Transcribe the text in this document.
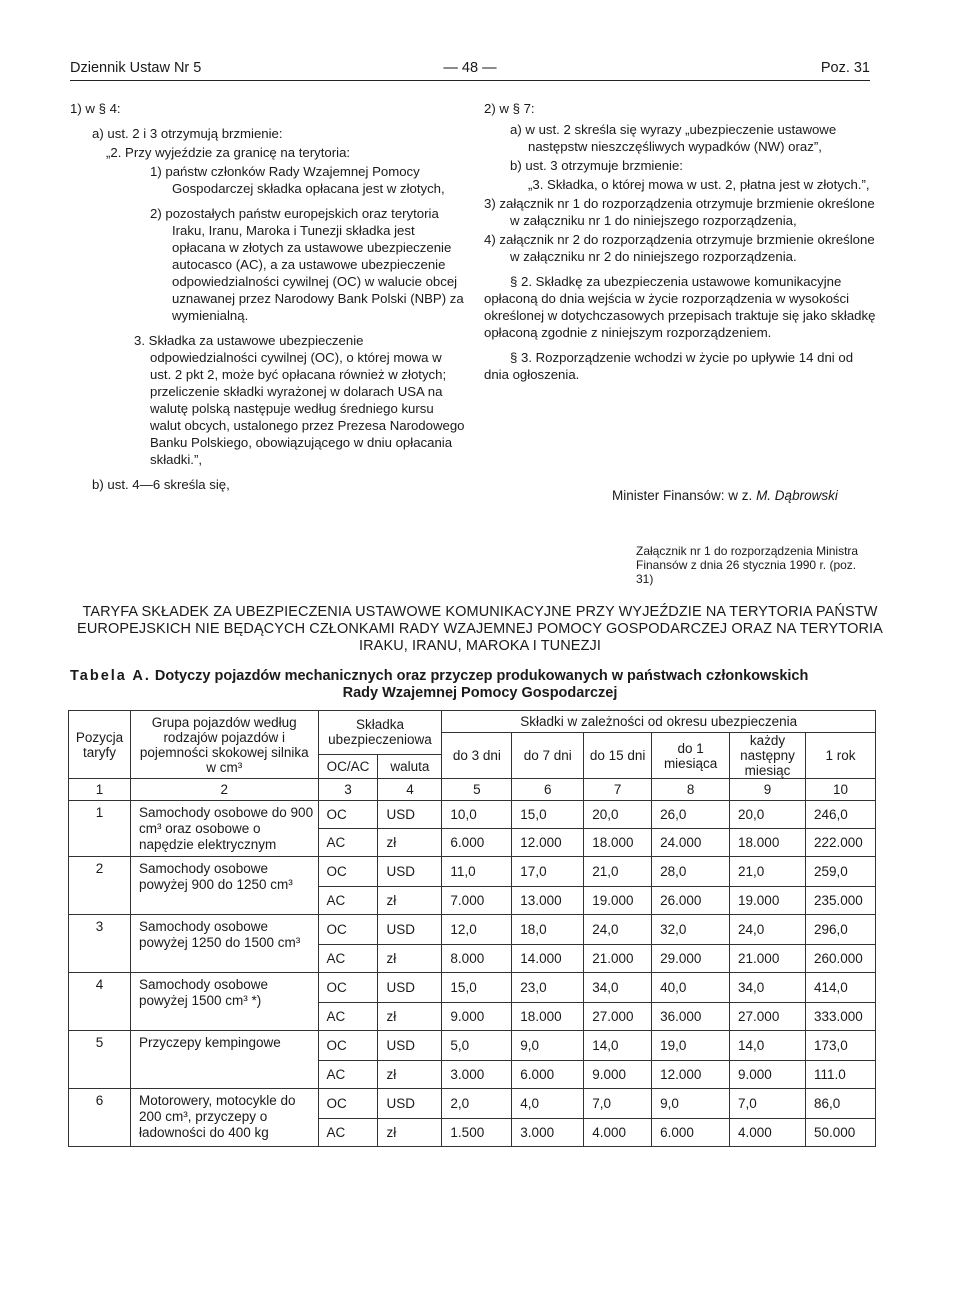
Dziennik Ustaw Nr 5	— 48 —	Poz. 31

1) w § 4:

a) ust. 2 i 3 otrzymują brzmienie:

„2. Przy wyjeździe za granicę na terytoria:

1) państw członków Rady Wzajemnej Pomocy Gospodarczej składka opłacana jest w złotych,

2) pozostałych państw europejskich oraz terytoria Iraku, Iranu, Maroka i Tunezji składka jest opłacana w złotych za ustawowe ubezpieczenie autocasco (AC), a za ustawowe ubezpieczenie odpowiedzialności cywilnej (OC) w walucie obcej uznawanej przez Narodowy Bank Polski (NBP) za wymienialną.

3. Składka za ustawowe ubezpieczenie odpowiedzialności cywilnej (OC), o której mowa w ust. 2 pkt 2, może być opłacana również w złotych; przeliczenie składki wyrażonej w dolarach USA na walutę polską następuje według średniego kursu walut obcych, ustalonego przez Prezesa Narodowego Banku Polskiego, obowiązującego w dniu opłacania składki.”,

b) ust. 4—6 skreśla się,

2) w § 7:

a) w ust. 2 skreśla się wyrazy „ubezpieczenie ustawowe następstw nieszczęśliwych wypadków (NW) oraz”,

b) ust. 3 otrzymuje brzmienie:

„3. Składka, o której mowa w ust. 2, płatna jest w złotych.”,

3) załącznik nr 1 do rozporządzenia otrzymuje brzmienie określone w załączniku nr 1 do niniejszego rozporządzenia,

4) załącznik nr 2 do rozporządzenia otrzymuje brzmienie określone w załączniku nr 2 do niniejszego rozporządzenia.

§ 2. Składkę za ubezpieczenia ustawowe komunikacyjne opłaconą do dnia wejścia w życie rozporządzenia w wysokości określonej w dotychczasowych przepisach traktuje się jako składkę opłaconą zgodnie z niniejszym rozporządzeniem.

§ 3. Rozporządzenie wchodzi w życie po upływie 14 dni od dnia ogłoszenia.

Minister Finansów: w z. M. Dąbrowski
Załącznik nr 1 do rozporządzenia Ministra Finansów z dnia 26 stycznia 1990 r. (poz. 31)
TARYFA SKŁADEK ZA UBEZPIECZENIA USTAWOWE KOMUNIKACYJNE PRZY WYJEŹDZIE NA TERYTORIA PAŃSTW
EUROPEJSKICH NIE BĘDĄCYCH CZŁONKAMI RADY WZAJEMNEJ POMOCY GOSPODARCZEJ ORAZ NA TERYTORIA
IRAKU, IRANU, MAROKA I TUNEZJI
Tabela A. Dotyczy pojazdów mechanicznych oraz przyczep produkowanych w państwach członkowskich
Rady Wzajemnej Pomocy Gospodarczej
Pozycja taryfy	Grupa pojazdów według rodzajów pojazdów i pojemności skokowej silnika w cm³	Składka ubezpieczeniowa		Składki w zależności od okresu ubezpieczenia					
				do 3 dni	do 7 dni	do 15 dni	do 1 miesiąca	każdy następny miesiąc	1 rok
		OC/AC	waluta						
1	2	3	4	5	6	7	8	9	10
1	Samochody osobowe do 900 cm³ oraz osobowe o napędzie elektrycznym	OC	USD	10,0	15,0	20,0	26,0	20,0	246,0
		AC	zł	6.000	12.000	18.000	24.000	18.000	222.000
2	Samochody osobowe powyżej 900 do 1250 cm³	OC	USD	11,0	17,0	21,0	28,0	21,0	259,0
		AC	zł	7.000	13.000	19.000	26.000	19.000	235.000
3	Samochody osobowe powyżej 1250 do 1500 cm³	OC	USD	12,0	18,0	24,0	32,0	24,0	296,0
		AC	zł	8.000	14.000	21.000	29.000	21.000	260.000
4	Samochody osobowe powyżej 1500 cm³ *)	OC	USD	15,0	23,0	34,0	40,0	34,0	414,0
		AC	zł	9.000	18.000	27.000	36.000	27.000	333.000
5	Przyczepy kempingowe	OC	USD	5,0	9,0	14,0	19,0	14,0	173,0
		AC	zł	3.000	6.000	9.000	12.000	9.000	111.0
6	Motorowery, motocykle do 200 cm³, przyczepy o ładowności do 400 kg	OC	USD	2,0	4,0	7,0	9,0	7,0	86,0
		AC	zł	1.500	3.000	4.000	6.000	4.000	50.000
